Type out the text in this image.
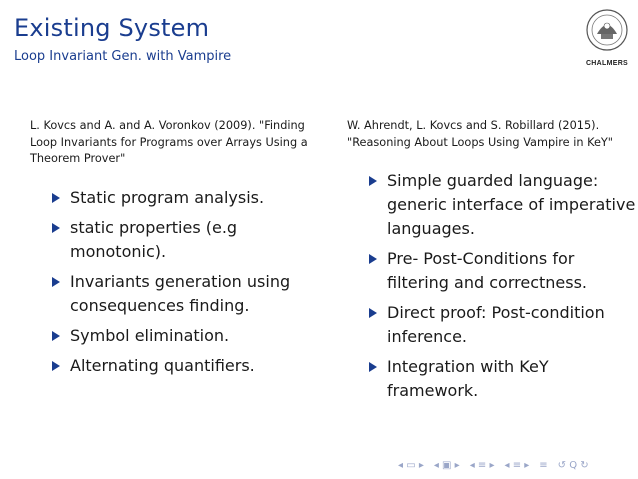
Existing System
Loop Invariant Gen. with Vampire	CHALMERS
L. Kovcs and A. and A. Voronkov (2009). "Finding Loop Invariants for Programs over Arrays Using a Theorem Prover"
Static program analysis.
static properties (e.g monotonic).
Invariants generation using consequences finding.
Symbol elimination.
Alternating quantifiers.
W. Ahrendt, L. Kovcs and S. Robillard (2015). "Reasoning About Loops Using Vampire in KeY"
Simple guarded language: generic interface of imperative languages.
Pre- Post-Conditions for filtering and correctness.
Direct proof: Post-condition inference.
Integration with KeY framework.
◂ ▭ ▸ ◂ ▣ ▸ ◂ ≡ ▸ ◂ ≡ ▸ ≡ ↺ Q ↻
